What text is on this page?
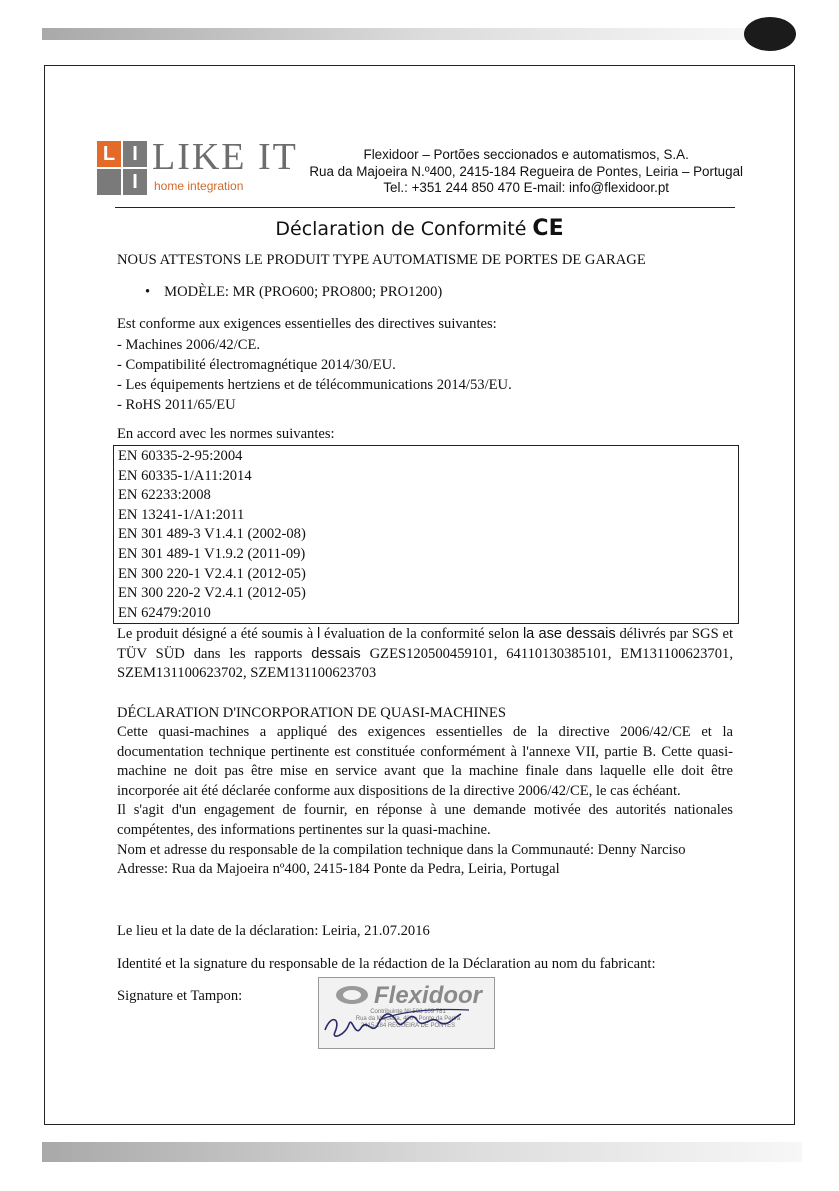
L I
I
LIKE IT
home integration
Flexidoor – Portões seccionados e automatismos, S.A.
Rua da Majoeira N.º400, 2415-184 Regueira de Pontes, Leiria – Portugal
Tel.: +351 244 850 470 E-mail: info@flexidoor.pt
Déclaration de Conformité CE
NOUS ATTESTONS LE PRODUIT TYPE AUTOMATISME DE PORTES DE GARAGE
• MODÈLE: MR (PRO600; PRO800; PRO1200)
Est conforme aux exigences essentielles des directives suivantes:
- Machines 2006/42/CE.
- Compatibilité électromagnétique 2014/30/EU.
- Les équipements hertziens et de télécommunications 2014/53/EU.
- RoHS 2011/65/EU
En accord avec les normes suivantes:
EN 60335-2-95:2004
EN 60335-1/A11:2014
EN 62233:2008
EN 13241-1/A1:2011
EN 301 489-3 V1.4.1 (2002-08)
EN 301 489-1 V1.9.2 (2011-09)
EN 300 220-1 V2.4.1 (2012-05)
EN 300 220-2 V2.4.1 (2012-05)
EN 62479:2010
Le produit désigné a été soumis à l évaluation de la conformité selon la ase dessais délivrés par SGS et TÜV SÜD dans les rapports dessais GZES120500459101, 64110130385101, EM131100623701, SZEM131100623702, SZEM131100623703
DÉCLARATION D'INCORPORATION DE QUASI-MACHINES
Cette quasi-machines a appliqué des exigences essentielles de la directive 2006/42/CE et la documentation technique pertinente est constituée conformément à l'annexe VII, partie B. Cette quasi-machine ne doit pas être mise en service avant que la machine finale dans laquelle elle doit être incorporée ait été déclarée conforme aux dispositions de la directive 2006/42/CE, le cas échéant.
Il s'agit d'un engagement de fournir, en réponse à une demande motivée des autorités nationales compétentes, des informations pertinentes sur la quasi-machine.
Nom et adresse du responsable de la compilation technique dans la Communauté: Denny Narciso
Adresse: Rua da Majoeira nº400, 2415-184 Ponte da Pedra, Leiria, Portugal
Le lieu et la date de la déclaration: Leiria, 21.07.2016
Identité et la signature du responsable de la rédaction de la Déclaration au nom du fabricant:
Signature et Tampon:	Flexidoor
Contribuinte Nº 508 109 781
Rua da Majoeira, 400 • Ponte da Pedra
2415-184 REGUEIRA DE PONTES
